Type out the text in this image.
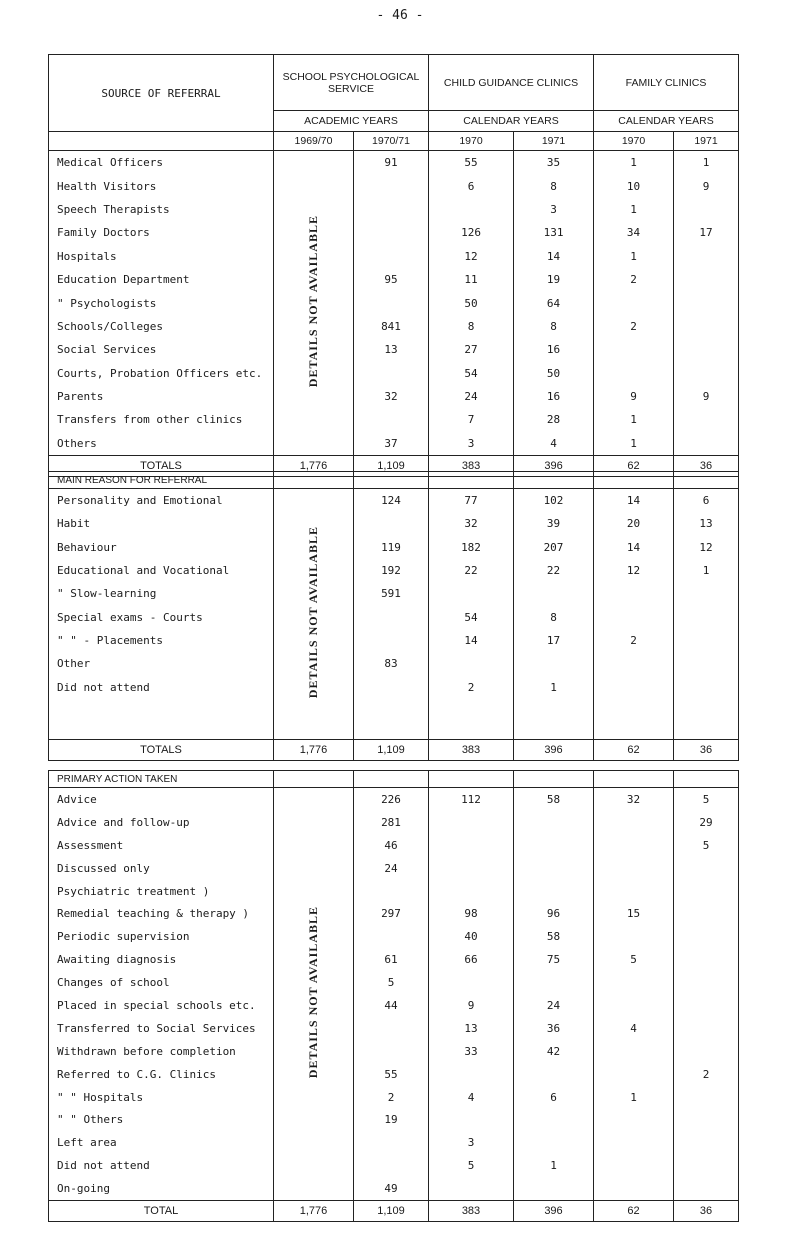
- 46 -
SOURCE OF REFERRAL	SCHOOL PSYCHOLOGICAL SERVICE		CHILD GUIDANCE CLINICS		FAMILY CLINICS	
	ACADEMIC YEARS		CALENDAR YEARS		CALENDAR YEARS	
	1969/70	1970/71	1970	1971	1970	1971
Medical Officers	DETAILS NOT AVAILABLE	91	55	35	1	1
Health Visitors			6	8	10	9
Speech Therapists				3	1	
Family Doctors			126	131	34	17
Hospitals			12	14	1	
Education Department		95	11	19	2	
" Psychologists			50	64		
Schools/Colleges		841	8	8	2	
Social Services		13	27	16		
Courts, Probation Officers etc.			54	50		
Parents		32	24	16	9	9
Transfers from other clinics			7	28	1	
Others		37	3	4	1	
TOTALS	1,776	1,109	383	396	62	36
MAIN REASON FOR REFERRAL						
Personality and Emotional	DETAILS NOT AVAILABLE	124	77	102	14	6
Habit			32	39	20	13
Behaviour		119	182	207	14	12
Educational and Vocational		192	22	22	12	1
" Slow-learning		591				
Special exams - Courts			54	8		
" " - Placements			14	17	2	
Other		83				
Did not attend			2	1		

TOTALS	1,776	1,109	383	396	62	36
PRIMARY ACTION TAKEN						
Advice	DETAILS NOT AVAILABLE	226	112	58	32	5
Advice and follow-up		281				29
Assessment		46				5
Discussed only		24				
Psychiatric treatment )						
Remedial teaching & therapy )		297	98	96	15	
Periodic supervision			40	58		
Awaiting diagnosis		61	66	75	5	
Changes of school		5				
Placed in special schools etc.		44	9	24		
Transferred to Social Services			13	36	4	
Withdrawn before completion			33	42		
Referred to C.G. Clinics		55				2
" " Hospitals		2	4	6	1	
" " Others		19				
Left area			3			
Did not attend			5	1		
On-going		49				
TOTAL	1,776	1,109	383	396	62	36
